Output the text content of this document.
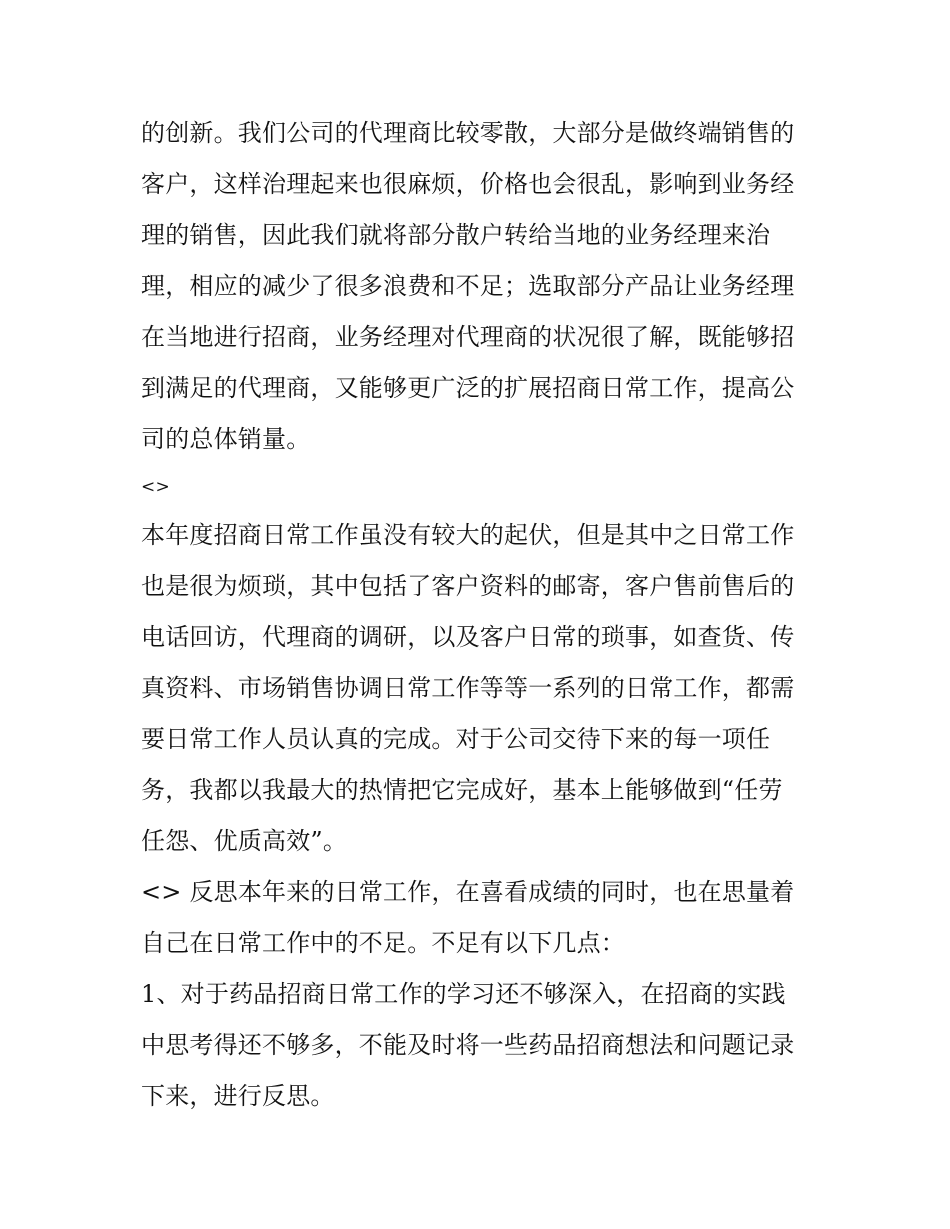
的创新。我们公司的代理商比较零散，大部分是做终端销售的
客户，这样治理起来也很麻烦，价格也会很乱，影响到业务经
理的销售，因此我们就将部分散户转给当地的业务经理来治
理，相应的减少了很多浪费和不足；选取部分产品让业务经理
在当地进行招商，业务经理对代理商的状况很了解，既能够招
到满足的代理商，又能够更广泛的扩展招商日常工作，提高公
司的总体销量。
<>
本年度招商日常工作虽没有较大的起伏，但是其中之日常工作
也是很为烦琐，其中包括了客户资料的邮寄，客户售前售后的
电话回访，代理商的调研，以及客户日常的琐事，如查货、传
真资料、市场销售协调日常工作等等一系列的日常工作，都需
要日常工作人员认真的完成。对于公司交待下来的每一项任
务，我都以我最大的热情把它完成好，基本上能够做到“任劳
任怨、优质高效”。
<> 反思本年来的日常工作，在喜看成绩的同时，也在思量着
自己在日常工作中的不足。不足有以下几点：
1、对于药品招商日常工作的学习还不够深入，在招商的实践
中思考得还不够多，不能及时将一些药品招商想法和问题记录
下来，进行反思。
